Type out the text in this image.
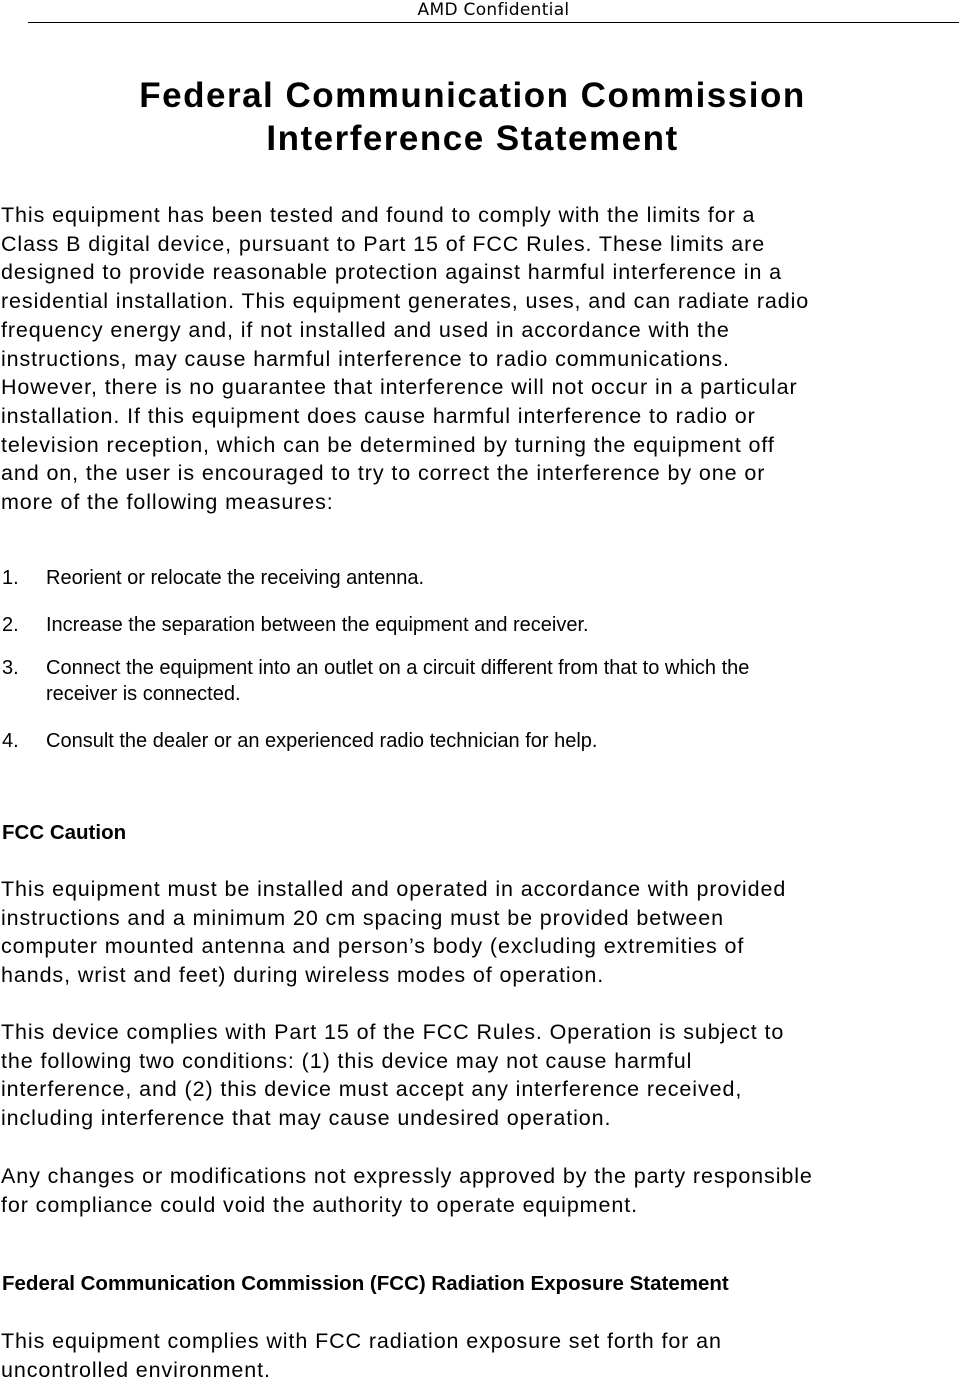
AMD Confidential
Federal Communication Commission
Interference Statement
This equipment has been tested and found to comply with the limits for a
Class B digital device, pursuant to Part 15 of FCC Rules. These limits are
designed to provide reasonable protection against harmful interference in a
residential installation. This equipment generates, uses, and can radiate radio
frequency energy and, if not installed and used in accordance with the
instructions, may cause harmful interference to radio communications.
However, there is no guarantee that interference will not occur in a particular
installation. If this equipment does cause harmful interference to radio or
television reception, which can be determined by turning the equipment off
and on, the user is encouraged to try to correct the interference by one or
more of the following measures:
1. Reorient or relocate the receiving antenna.
2. Increase the separation between the equipment and receiver.
3. Connect the equipment into an outlet on a circuit different from that to which the
receiver is connected.
4. Consult the dealer or an experienced radio technician for help.
FCC Caution
This equipment must be installed and operated in accordance with provided
instructions and a minimum 20 cm spacing must be provided between
computer mounted antenna and person’s body (excluding extremities of
hands, wrist and feet) during wireless modes of operation.
This device complies with Part 15 of the FCC Rules. Operation is subject to
the following two conditions: (1) this device may not cause harmful
interference, and (2) this device must accept any interference received,
including interference that may cause undesired operation.
Any changes or modifications not expressly approved by the party responsible
for compliance could void the authority to operate equipment.
Federal Communication Commission (FCC) Radiation Exposure Statement
This equipment complies with FCC radiation exposure set forth for an
uncontrolled environment.
